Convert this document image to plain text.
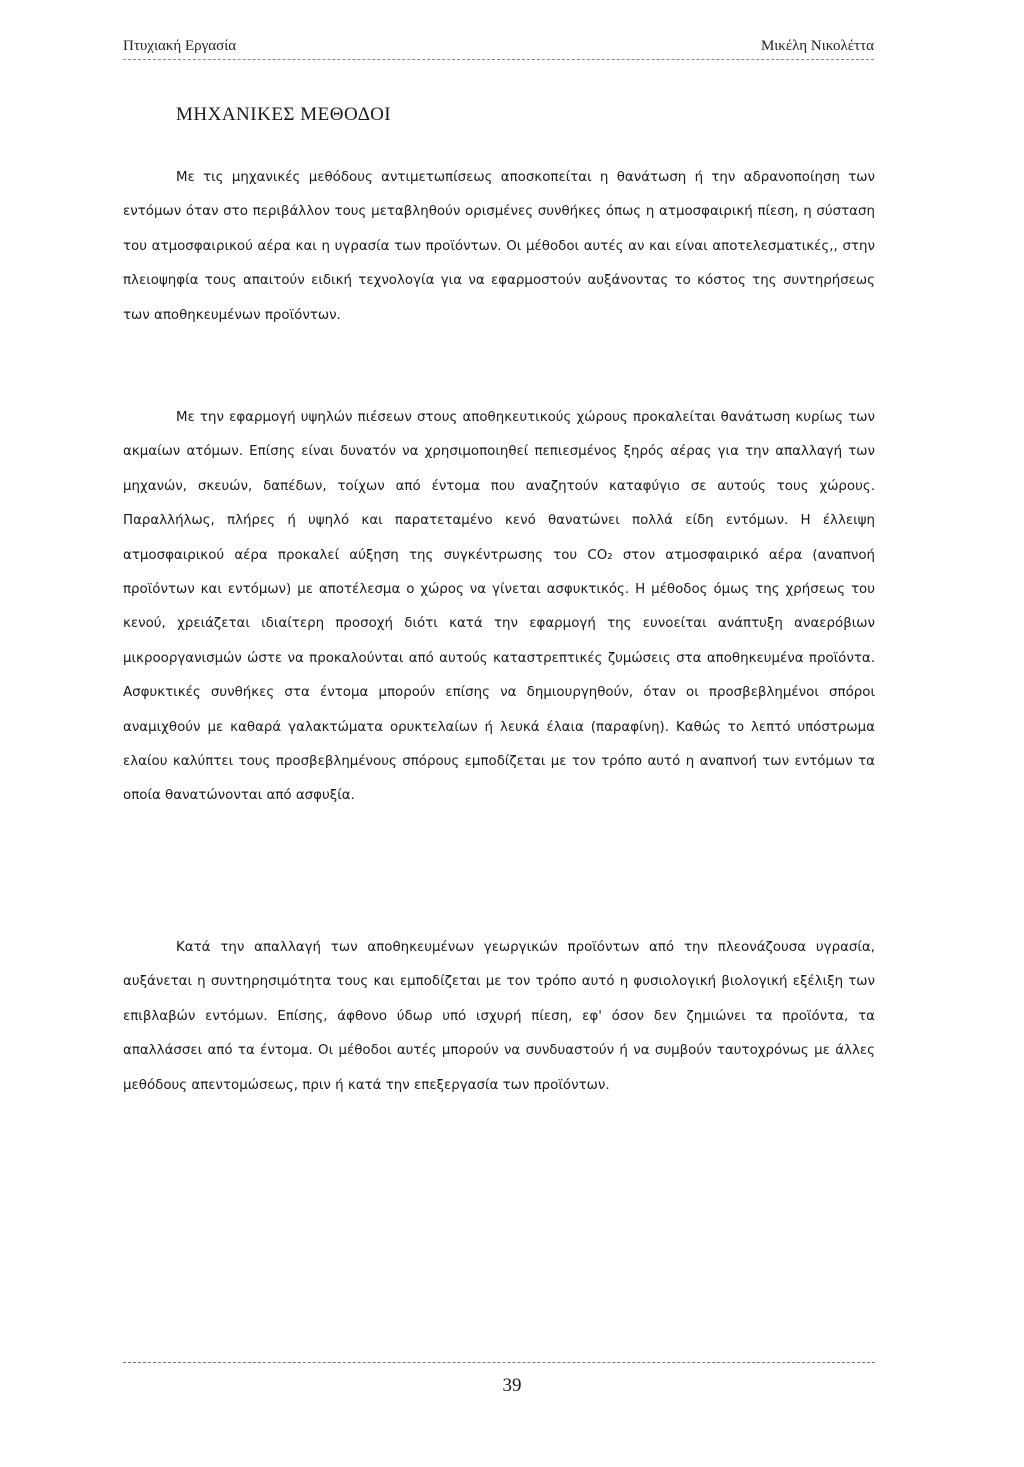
Πτυχιακή Εργασία	Μικέλη Νικολέττα
ΜΗΧΑΝΙΚΕΣ ΜΕΘΟΔΟΙ

Με τις μηχανικές μεθόδους αντιμετωπίσεως αποσκοπείται η θανάτωση ή την αδρανοποίηση των εντόμων όταν στο περιβάλλον τους μεταβληθούν ορισμένες συνθήκες όπως η ατμοσφαιρική πίεση, η σύσταση του ατμοσφαιρικού αέρα και η υγρασία των προϊόντων. Οι μέθοδοι αυτές αν και είναι αποτελεσματικές,, στην πλειοψηφία τους απαιτούν ειδική τεχνολογία για να εφαρμοστούν αυξάνοντας το κόστος της συντηρήσεως των αποθηκευμένων προϊόντων.

Με την εφαρμογή υψηλών πιέσεων στους αποθηκευτικούς χώρους προκαλείται θανάτωση κυρίως των ακμαίων ατόμων. Επίσης είναι δυνατόν να χρησιμοποιηθεί πεπιεσμένος ξηρός αέρας για την απαλλαγή των μηχανών, σκευών, δαπέδων, τοίχων από έντομα που αναζητούν καταφύγιο σε αυτούς τους χώρους. Παραλλήλως, πλήρες ή υψηλό και παρατεταμένο κενό θανατώνει πολλά είδη εντόμων. Η έλλειψη ατμοσφαιρικού αέρα προκαλεί αύξηση της συγκέντρωσης του CO₂ στον ατμοσφαιρικό αέρα (αναπνοή προϊόντων και εντόμων) με αποτέλεσμα ο χώρος να γίνεται ασφυκτικός. Η μέθοδος όμως της χρήσεως του κενού, χρειάζεται ιδιαίτερη προσοχή διότι κατά την εφαρμογή της ευνοείται ανάπτυξη αναερόβιων μικροοργανισμών ώστε να προκαλούνται από αυτούς καταστρεπτικές ζυμώσεις στα αποθηκευμένα προϊόντα. Ασφυκτικές συνθήκες στα έντομα μπορούν επίσης να δημιουργηθούν, όταν οι προσβεβλημένοι σπόροι αναμιχθούν με καθαρά γαλακτώματα ορυκτελαίων ή λευκά έλαια (παραφίνη). Καθώς το λεπτό υπόστρωμα ελαίου καλύπτει τους προσβεβλημένους σπόρους εμποδίζεται με τον τρόπο αυτό η αναπνοή των εντόμων τα οποία θανατώνονται από ασφυξία.

Κατά την απαλλαγή των αποθηκευμένων γεωργικών προϊόντων από την πλεονάζουσα υγρασία, αυξάνεται η συντηρησιμότητα τους και εμποδίζεται με τον τρόπο αυτό η φυσιολογική βιολογική εξέλιξη των επιβλαβών εντόμων. Επίσης, άφθονο ύδωρ υπό ισχυρή πίεση, εφ' όσον δεν ζημιώνει τα προϊόντα, τα απαλλάσσει από τα έντομα. Οι μέθοδοι αυτές μπορούν να συνδυαστούν ή να συμβούν ταυτοχρόνως με άλλες μεθόδους απεντομώσεως, πριν ή κατά την επεξεργασία των προϊόντων.

39
